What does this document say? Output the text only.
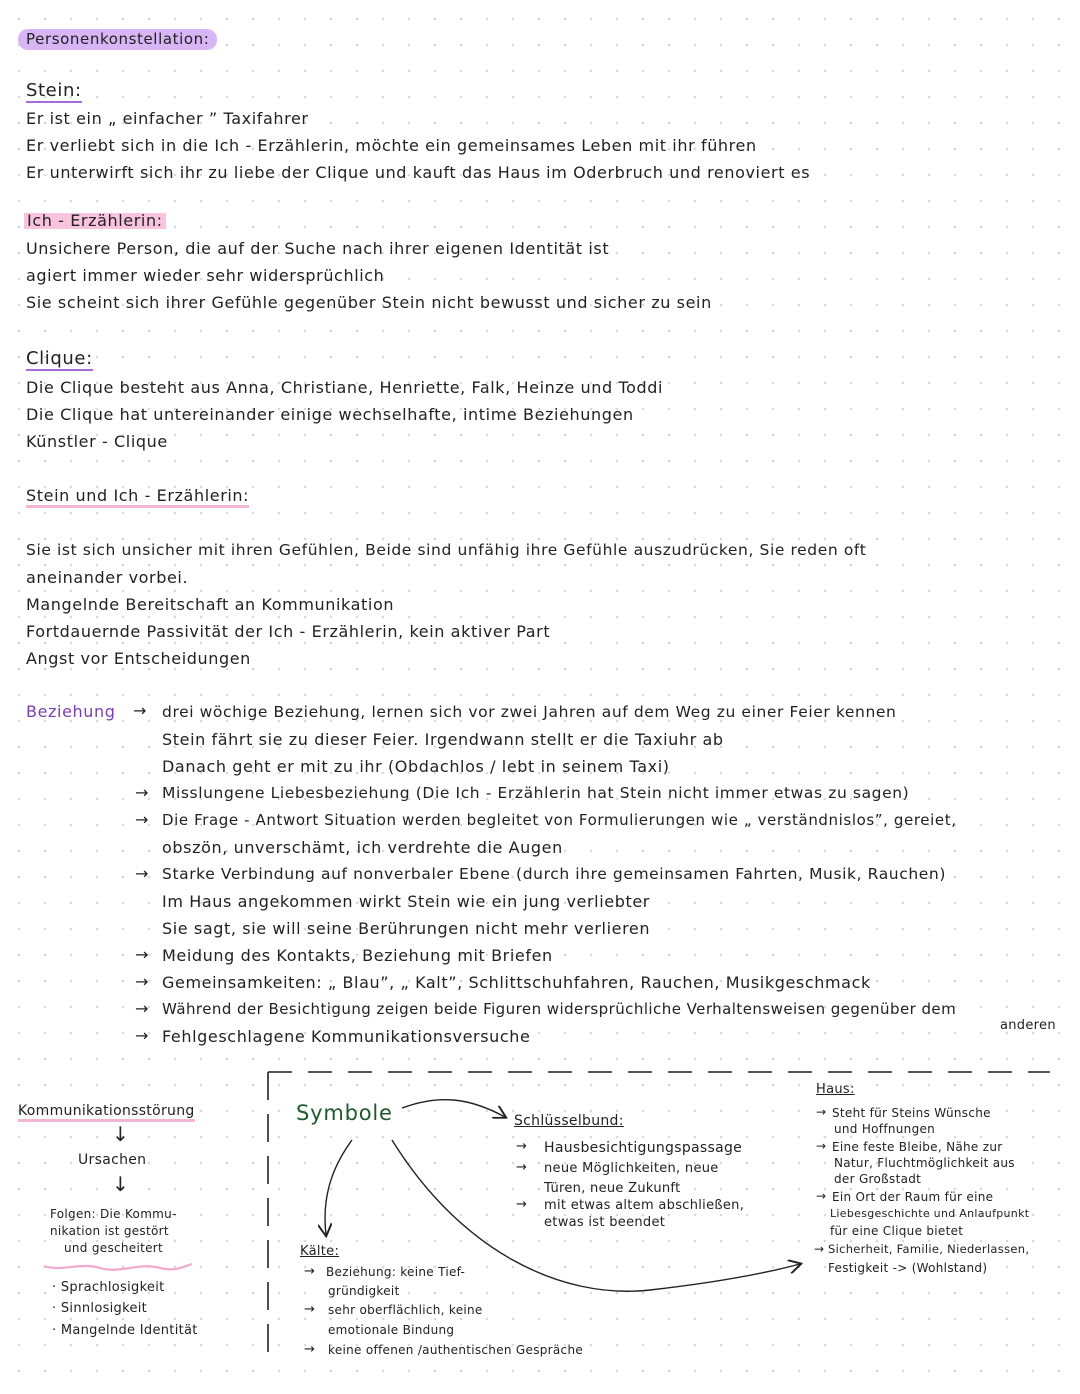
Personenkonstellation:
Stein:
Er ist ein „ einfacher ” Taxifahrer
Er verliebt sich in die Ich - Erzählerin, möchte ein gemeinsames Leben mit ihr führen
Er unterwirft sich ihr zu liebe der Clique und kauft das Haus im Oderbruch und renoviert es
Ich - Erzählerin:
Unsichere Person, die auf der Suche nach ihrer eigenen Identität ist
agiert immer wieder sehr widersprüchlich
Sie scheint sich ihrer Gefühle gegenüber Stein nicht bewusst und sicher zu sein
Clique:
Die Clique besteht aus Anna, Christiane, Henriette, Falk, Heinze und Toddi
Die Clique hat untereinander einige wechselhafte, intime Beziehungen
Künstler - Clique
Stein und Ich - Erzählerin:
Sie ist sich unsicher mit ihren Gefühlen, Beide sind unfähig ihre Gefühle auszudrücken, Sie reden oft
aneinander vorbei.
Mangelnde Bereitschaft an Kommunikation
Fortdauernde Passivität der Ich - Erzählerin, kein aktiver Part
Angst vor Entscheidungen
Beziehung → drei wöchige Beziehung, lernen sich vor zwei Jahren auf dem Weg zu einer Feier kennen
Stein fährt sie zu dieser Feier. Irgendwann stellt er die Taxiuhr ab
Danach geht er mit zu ihr (Obdachlos / lebt in seinem Taxi)
→ Misslungene Liebesbeziehung (Die Ich - Erzählerin hat Stein nicht immer etwas zu sagen)
→ Die Frage - Antwort Situation werden begleitet von Formulierungen wie „ verständnislos”, gereiet,
obszön, unverschämt, ich verdrehte die Augen
→ Starke Verbindung auf nonverbaler Ebene (durch ihre gemeinsamen Fahrten, Musik, Rauchen)
Im Haus angekommen wirkt Stein wie ein jung verliebter
Sie sagt, sie will seine Berührungen nicht mehr verlieren
→ Meidung des Kontakts, Beziehung mit Briefen
→ Gemeinsamkeiten: „ Blau”, „ Kalt”, Schlittschuhfahren, Rauchen, Musikgeschmack
→ Während der Besichtigung zeigen beide Figuren widersprüchliche Verhaltensweisen gegenüber dem
anderen
→ Fehlgeschlagene Kommunikationsversuche
Kommunikationsstörung
↓
Ursachen
↓
Folgen: Die Kommu-
nikation ist gestört
und gescheitert
· Sprachlosigkeit
· Sinnlosigkeit
· Mangelnde Identität
Symbole	Schlüsselbund:
→ Hausbesichtigungspassage
→ neue Möglichkeiten, neue
Türen, neue Zukunft
→ mit etwas altem abschließen,
etwas ist beendet
Kälte:
→ Beziehung: keine Tief-
gründigkeit
→ sehr oberflächlich, keine
emotionale Bindung
→ keine offenen /authentischen Gespräche
Haus:
→ Steht für Steins Wünsche
und Hoffnungen
→ Eine feste Bleibe, Nähe zur
Natur, Fluchtmöglichkeit aus
der Großstadt
→ Ein Ort der Raum für eine
Liebesgeschichte und Anlaufpunkt
für eine Clique bietet
→ Sicherheit, Familie, Niederlassen,
Festigkeit -> (Wohlstand)
